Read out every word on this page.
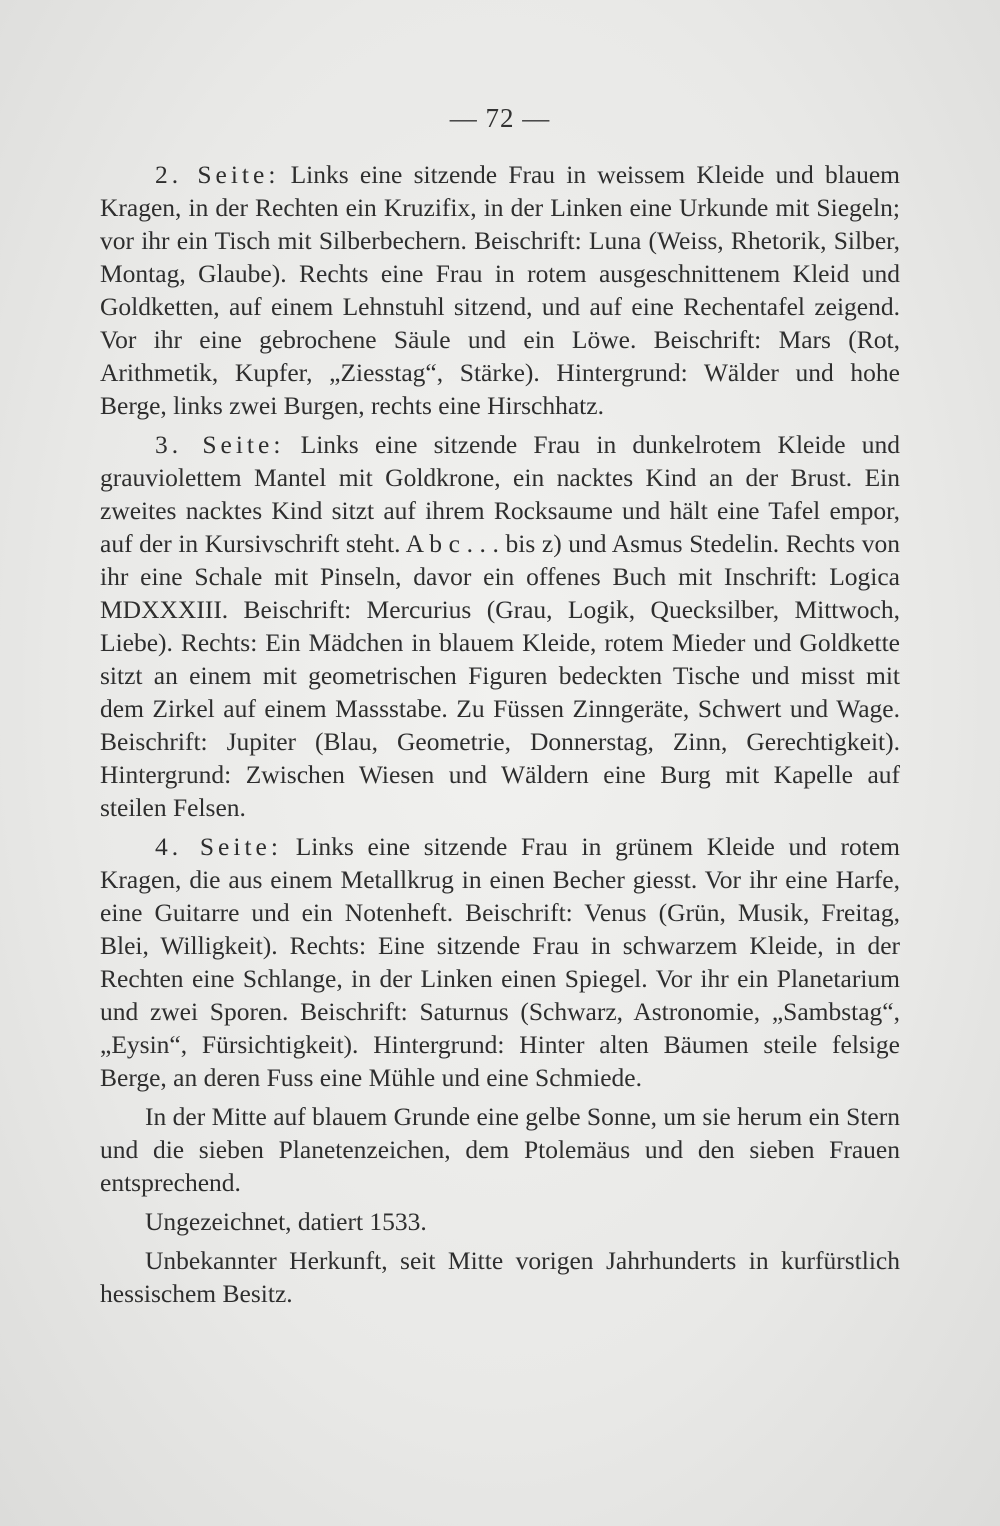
— 72 —

2. Seite: Links eine sitzende Frau in weissem Kleide und blauem Kragen, in der Rechten ein Kruzifix, in der Linken eine Urkunde mit Siegeln; vor ihr ein Tisch mit Silberbechern. Beischrift: Luna (Weiss, Rhetorik, Silber, Montag, Glaube). Rechts eine Frau in rotem ausgeschnittenem Kleid und Goldketten, auf einem Lehnstuhl sitzend, und auf eine Rechentafel zeigend. Vor ihr eine gebrochene Säule und ein Löwe. Beischrift: Mars (Rot, Arithmetik, Kupfer, „Ziesstag“, Stärke). Hintergrund: Wälder und hohe Berge, links zwei Burgen, rechts eine Hirschhatz.

3. Seite: Links eine sitzende Frau in dunkelrotem Kleide und grauviolettem Mantel mit Goldkrone, ein nacktes Kind an der Brust. Ein zweites nacktes Kind sitzt auf ihrem Rocksaume und hält eine Tafel empor, auf der in Kursivschrift steht. A b c . . . bis z) und Asmus Stedelin. Rechts von ihr eine Schale mit Pinseln, davor ein offenes Buch mit Inschrift: Logica MDXXXIII. Beischrift: Mercurius (Grau, Logik, Quecksilber, Mittwoch, Liebe). Rechts: Ein Mädchen in blauem Kleide, rotem Mieder und Goldkette sitzt an einem mit geometrischen Figuren bedeckten Tische und misst mit dem Zirkel auf einem Massstabe. Zu Füssen Zinngeräte, Schwert und Wage. Beischrift: Jupiter (Blau, Geometrie, Donnerstag, Zinn, Gerechtigkeit). Hintergrund: Zwischen Wiesen und Wäldern eine Burg mit Kapelle auf steilen Felsen.

4. Seite: Links eine sitzende Frau in grünem Kleide und rotem Kragen, die aus einem Metallkrug in einen Becher giesst. Vor ihr eine Harfe, eine Guitarre und ein Notenheft. Beischrift: Venus (Grün, Musik, Freitag, Blei, Willigkeit). Rechts: Eine sitzende Frau in schwarzem Kleide, in der Rechten eine Schlange, in der Linken einen Spiegel. Vor ihr ein Planetarium und zwei Sporen. Beischrift: Saturnus (Schwarz, Astronomie, „Sambstag“, „Eysin“, Fürsichtigkeit). Hintergrund: Hinter alten Bäumen steile felsige Berge, an deren Fuss eine Mühle und eine Schmiede.

In der Mitte auf blauem Grunde eine gelbe Sonne, um sie herum ein Stern und die sieben Planetenzeichen, dem Ptolemäus und den sieben Frauen entsprechend.

Ungezeichnet, datiert 1533.

Unbekannter Herkunft, seit Mitte vorigen Jahrhunderts in kurfürstlich hessischem Besitz.
